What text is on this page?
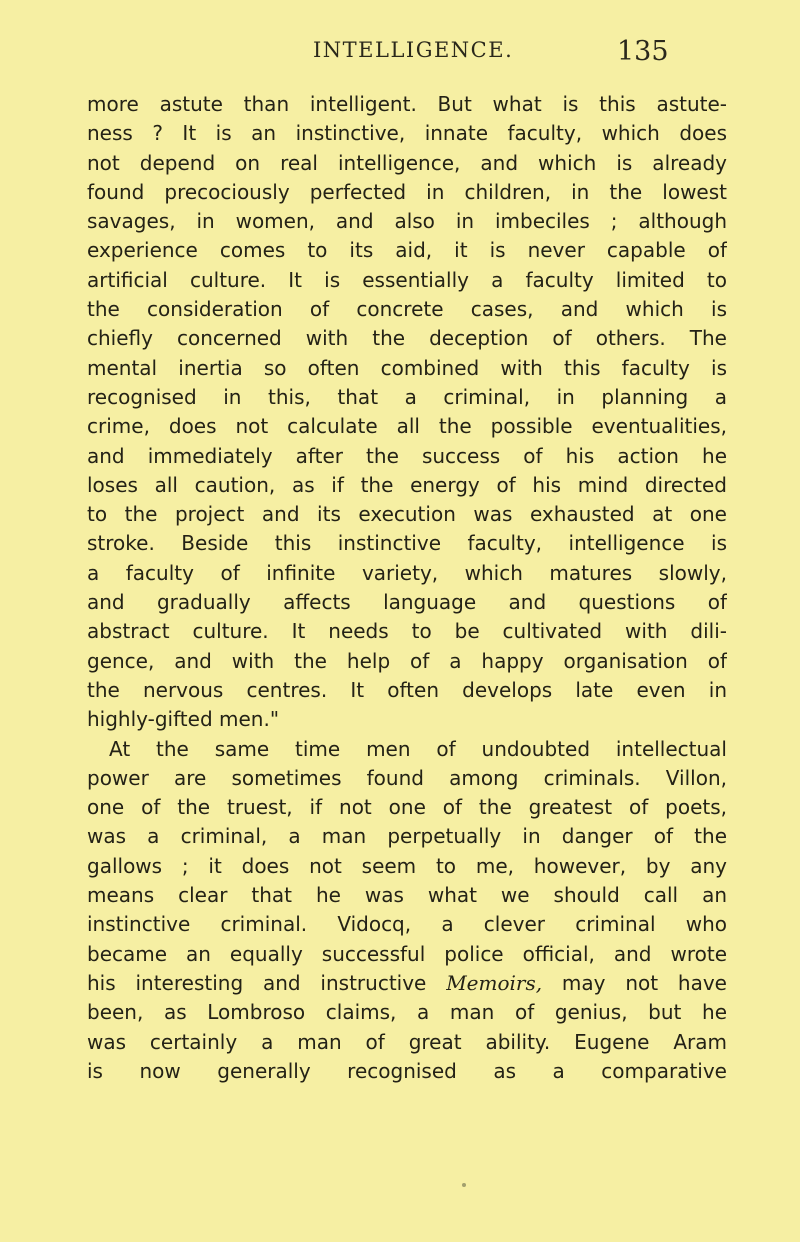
INTELLIGENCE.	135
more astute than intelligent. But what is this astute-
ness ? It is an instinctive, innate faculty, which does
not depend on real intelligence, and which is already
found precociously perfected in children, in the lowest
savages, in women, and also in imbeciles ; although
experience comes to its aid, it is never capable of
artificial culture. It is essentially a faculty limited to
the consideration of concrete cases, and which is
chiefly concerned with the deception of others. The
mental inertia so often combined with this faculty is
recognised in this, that a criminal, in planning a
crime, does not calculate all the possible eventualities,
and immediately after the success of his action he
loses all caution, as if the energy of his mind directed
to the project and its execution was exhausted at one
stroke. Beside this instinctive faculty, intelligence is
a faculty of infinite variety, which matures slowly,
and gradually affects language and questions of
abstract culture. It needs to be cultivated with dili-
gence, and with the help of a happy organisation of
the nervous centres. It often develops late even in
highly-gifted men."
At the same time men of undoubted intellectual
power are sometimes found among criminals. Villon,
one of the truest, if not one of the greatest of poets,
was a criminal, a man perpetually in danger of the
gallows ; it does not seem to me, however, by any
means clear that he was what we should call an
instinctive criminal. Vidocq, a clever criminal who
became an equally successful police official, and wrote
his interesting and instructive Memoirs, may not have
been, as Lombroso claims, a man of genius, but he
was certainly a man of great ability. Eugene Aram
is now generally recognised as a comparative
